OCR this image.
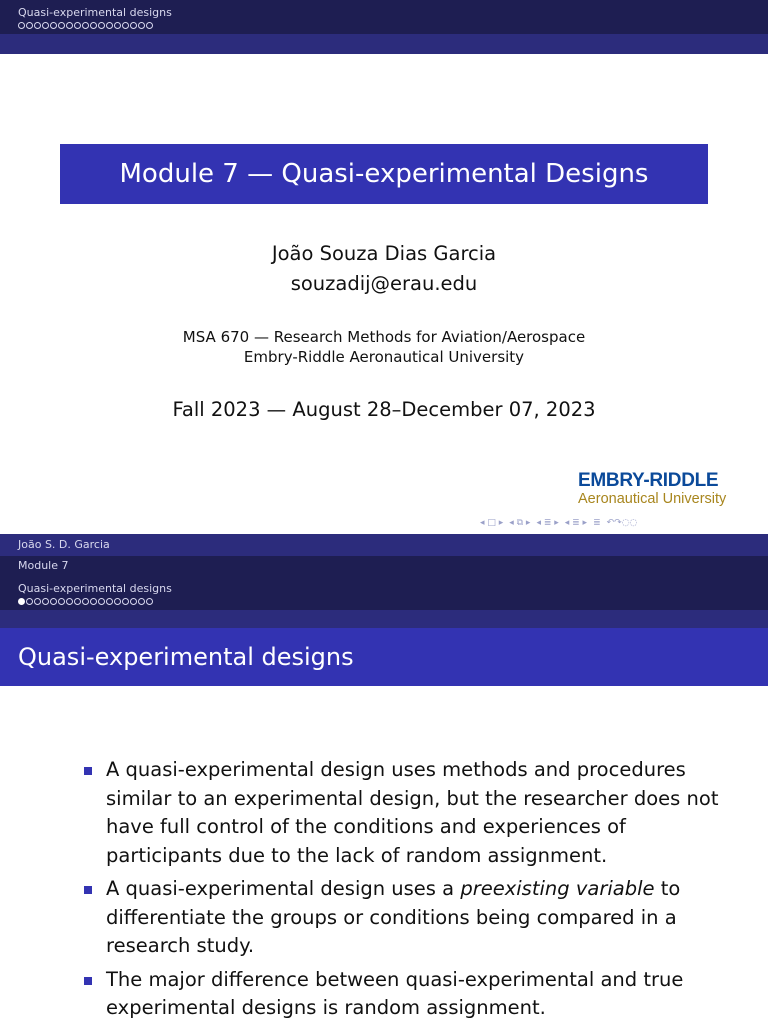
Quasi-experimental designs
Module 7 — Quasi-experimental Designs
João Souza Dias Garcia
souzadij@erau.edu
MSA 670 — Research Methods for Aviation/Aerospace
Embry-Riddle Aeronautical University
Fall 2023 — August 28–December 07, 2023
EMBRY-RIDDLE
Aeronautical University
◂ □ ▸ ◂ ⧉ ▸ ◂ ≣ ▸ ◂ ≣ ▸ ≣ ↶↷◌◌
João S. D. Garcia
Module 7
Quasi-experimental designs
Quasi-experimental designs
A quasi-experimental design uses methods and procedures similar to an experimental design, but the researcher does not have full control of the conditions and experiences of participants due to the lack of random assignment.
A quasi-experimental design uses a preexisting variable to differentiate the groups or conditions being compared in a research study.
The major difference between quasi-experimental and true experimental designs is random assignment.
